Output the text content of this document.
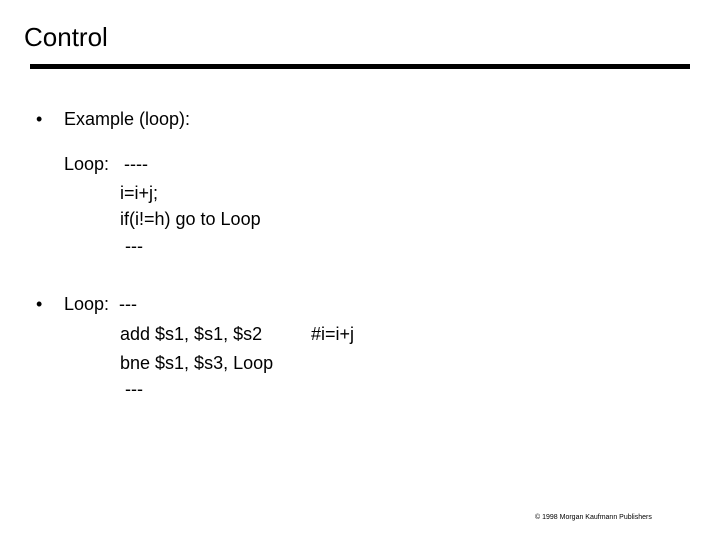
Control
• Example (loop):
Loop:   ----
i=i+j;
if(i!=h) go to Loop
---
• Loop:  ---
add $s1, $s1, $s2	#i=i+j
bne $s1, $s3, Loop
---
© 1998 Morgan Kaufmann Publishers
